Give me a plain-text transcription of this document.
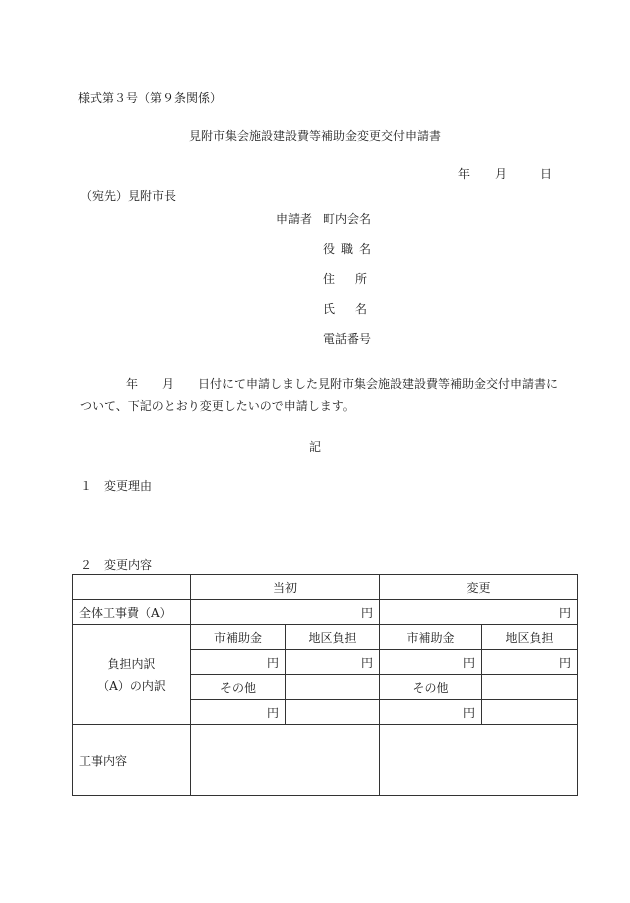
様式第３号（第９条関係）
見附市集会施設建設費等補助金変更交付申請書
年 月	日
（宛先）見附市長
申請者 町内会名
役職名
住所
氏名
電話番号
年　　月　　日付にて申請しました見附市集会施設建設費等補助金交付申請書に
ついて、下記のとおり変更したいので申請します。
記
１　変更理由
２　変更内容
	当初		変更	
全体工事費（A）	円		円	

負担内訳
（A）の内訳	市補助金	地区負担	市補助金	地区負担
	円	円	円	円
	その他		その他	
	円		円	
工事内容				
